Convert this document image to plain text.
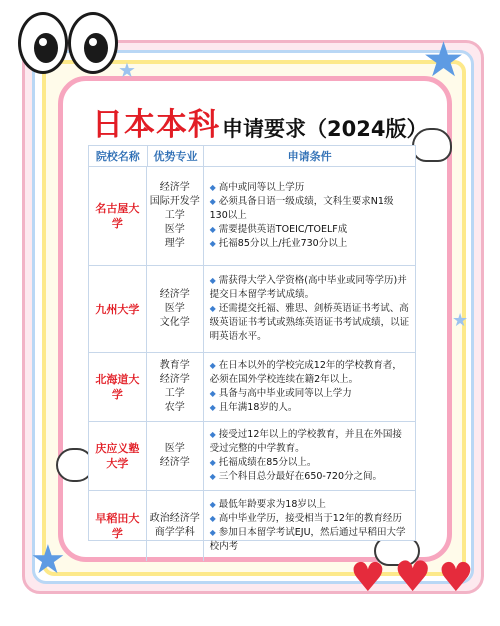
★
★
★
★
♥ ♥ ♥
日本本科 申请要求（2024版）
院校名称	优势专业	申请条件
名古屋大学
经济学
国际开发学
工学
医学
理学
◆ 高中或同等以上学历
◆ 必须具备日语一级成绩，文科生要求N1级130以上
◆ 需要提供英语TOEIC/TOELF成
◆ 托福85分以上/托业730分以上
九州大学
经济学
医学
文化学
◆ 需获得大学入学资格(高中毕业或同等学历)并提交日本留学考试成绩。
◆ 还需提交托福、雅思、剑桥英语证书考试、高级英语证书考试或熟练英语证书考试成绩，以证明英语水平。
北海道大学
教育学
经济学
工学
农学
◆ 在日本以外的学校完成12年的学校教育者，必须在国外学校连续在籍2年以上。
◆ 具备与高中毕业或同等以上学力
◆ 且年满18岁的人。
庆应义塾大学
医学
经济学
◆ 接受过12年以上的学校教育，并且在外国接受过完整的中学教育。
◆ 托福成绩在85分以上。
◆ 三个科目总分最好在650-720分之间。
早稻田大学
政治经济学
商学学科
◆ 最低年龄要求为18岁以上
◆ 高中毕业学历，接受相当于12年的教育经历
◆ 参加日本留学考试EJU，然后通过早稻田大学校内考
